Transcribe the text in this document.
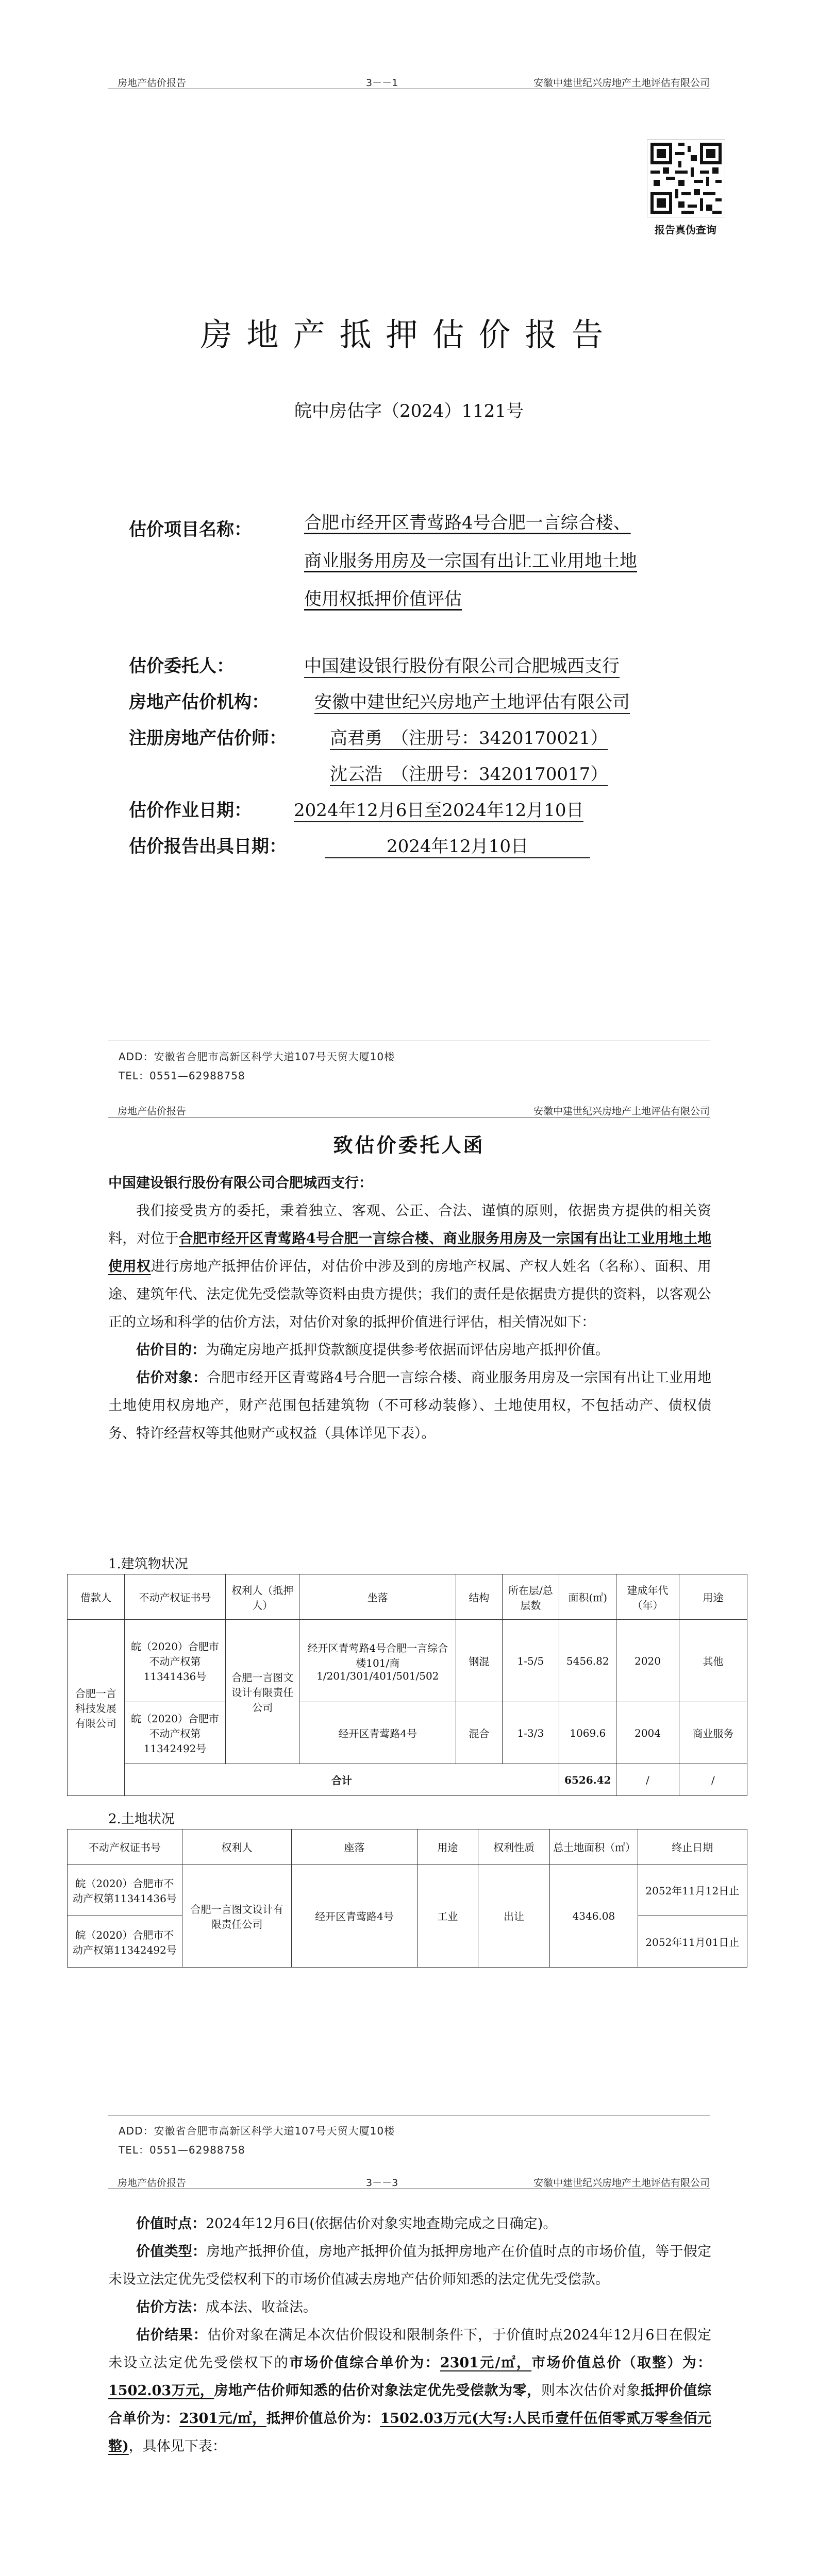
房地产估价报告	3－－1	安徽中建世纪兴房地产土地评估有限公司
报告真伪查询
房地产抵押估价报告
皖中房估字（2024）1121号
估价项目名称：	合肥市经开区青莺路4号合肥一言综合楼、
商业服务用房及一宗国有出让工业用地土地
使用权抵押价值评估
估价委托人：	中国建设银行股份有限公司合肥城西支行
房地产估价机构：	安徽中建世纪兴房地产土地评估有限公司
注册房地产估价师： 高君勇　（注册号：3420170021）
沈云浩　（注册号：3420170017）
估价作业日期： 2024年12月6日至2024年12月10日
估价报告出具日期：	2024年12月10日
ADD：安徽省合肥市高新区科学大道107号天贸大厦10楼
TEL：0551—62988758
房地产估价报告	安徽中建世纪兴房地产土地评估有限公司
致估价委托人函
中国建设银行股份有限公司合肥城西支行：
我们接受贵方的委托，秉着独立、客观、公正、合法、谨慎的原则，依据贵方提供的相关资料，对位于合肥市经开区青莺路4号合肥一言综合楼、商业服务用房及一宗国有出让工业用地土地使用权进行房地产抵押估价评估，对估价中涉及到的房地产权属、产权人姓名（名称）、面积、用途、建筑年代、法定优先受偿款等资料由贵方提供；我们的责任是依据贵方提供的资料，以客观公正的立场和科学的估价方法，对估价对象的抵押价值进行评估，相关情况如下：
估价目的：为确定房地产抵押贷款额度提供参考依据而评估房地产抵押价值。
估价对象：合肥市经开区青莺路4号合肥一言综合楼、商业服务用房及一宗国有出让工业用地土地使用权房地产，财产范围包括建筑物（不可移动装修）、土地使用权，不包括动产、债权债务、特许经营权等其他财产或权益（具体详见下表）。
1.建筑物状况
借款人	不动产权证书号	权利人（抵押人）	坐落	结构	所在层/总层数	面积(㎡)	建成年代（年）	用途
合肥一言科技发展有限公司	皖（2020）合肥市不动产权第11341436号	合肥一言图文设计有限责任公司	经开区青莺路4号合肥一言综合楼101/商1/201/301/401/501/502	钢混	1-5/5	5456.82	2020	其他
	皖（2020）合肥市不动产权第11342492号		经开区青莺路4号	混合	1-3/3	1069.6	2004	商业服务
	合计					6526.42	/	/
2.土地状况
不动产权证书号	权利人	座落	用途	权利性质	总土地面积（㎡）	终止日期
皖（2020）合肥市不动产权第11341436号	合肥一言图文设计有限责任公司	经开区青莺路4号	工业	出让	4346.08	2052年11月12日止
皖（2020）合肥市不动产权第11342492号						2052年11月01日止
ADD：安徽省合肥市高新区科学大道107号天贸大厦10楼
TEL：0551—62988758
房地产估价报告	3－－3	安徽中建世纪兴房地产土地评估有限公司
价值时点：2024年12月6日(依据估价对象实地查勘完成之日确定)。
价值类型：房地产抵押价值，房地产抵押价值为抵押房地产在价值时点的市场价值，等于假定未设立法定优先受偿权利下的市场价值减去房地产估价师知悉的法定优先受偿款。
估价方法：成本法、收益法。
估价结果：估价对象在满足本次估价假设和限制条件下，于价值时点2024年12月6日在假定未设立法定优先受偿权下的市场价值综合单价为：2301元/㎡，市场价值总价（取整）为：1502.03万元，房地产估价师知悉的估价对象法定优先受偿款为零，则本次估价对象抵押价值综合单价为：2301元/㎡，抵押价值总价为：1502.03万元(大写:人民币壹仟伍佰零贰万零叁佰元整)，具体见下表：
